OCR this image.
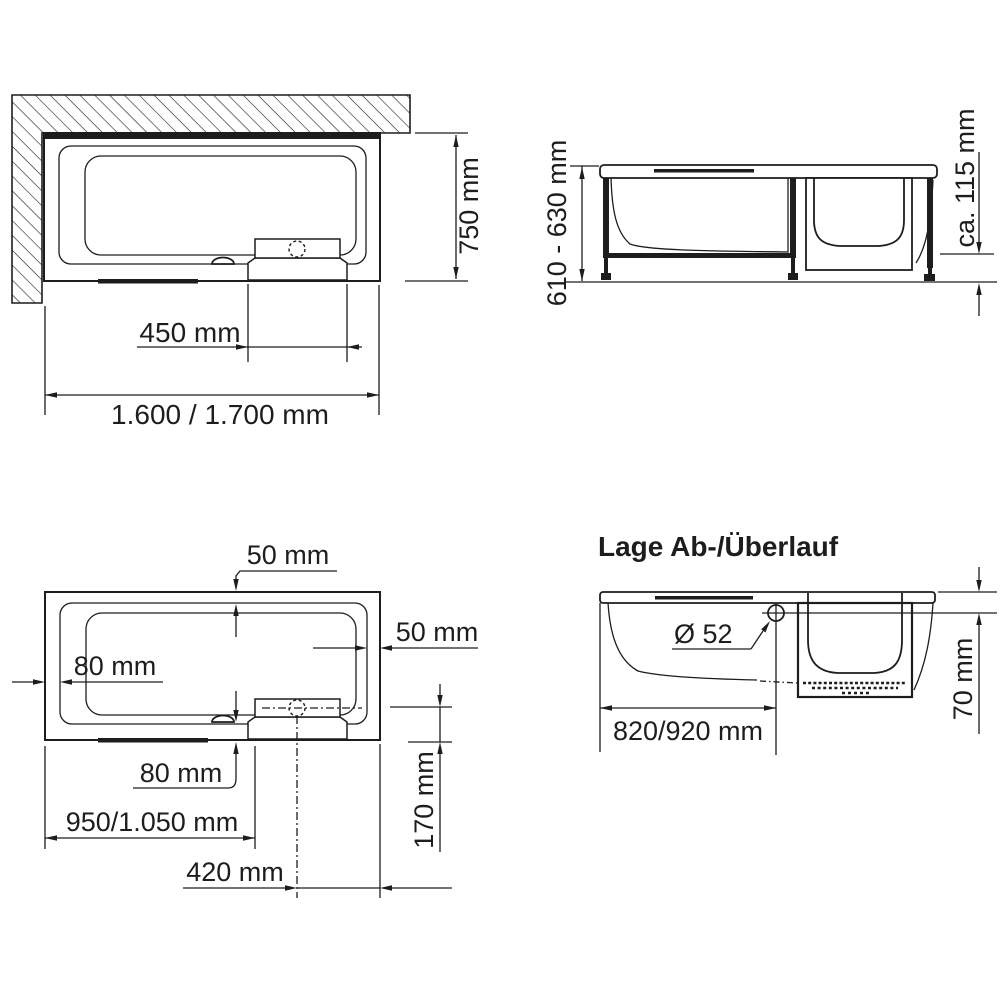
750 mm
450 mm
1.600 / 1.700 mm
610 - 630 mm	ca. 115 mm
50 mm
50 mm
80 mm
80 mm
950/1.050 mm
420 mm
170 mm
Lage Ab-/Überlauf
Ø 52
820/920 mm
70 mm
